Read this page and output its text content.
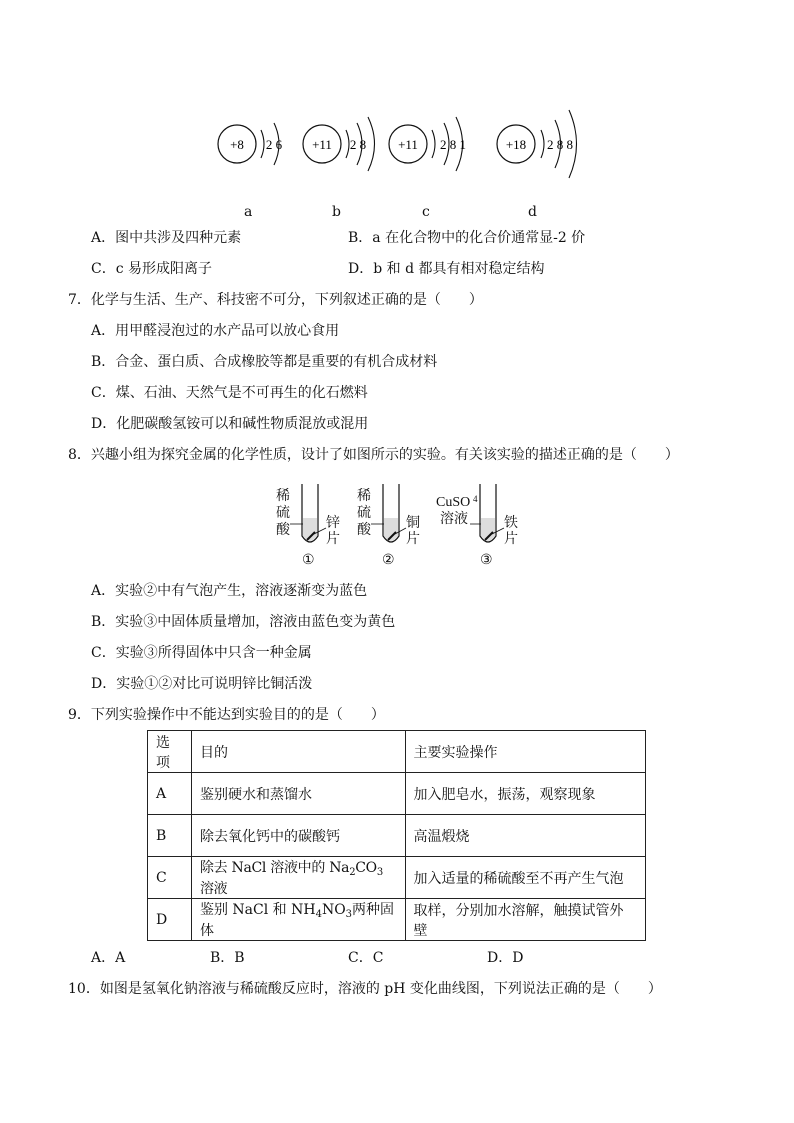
+8 2 6 +11 2 8 +11 2 8 1	+18 2 8 8
a	b	c	d
A．图中共涉及四种元素	B．a 在化合物中的化合价通常显-2 价
C．c 易形成阳离子	D．b 和 d 都具有相对稳定结构
7．化学与生活、生产、科技密不可分，下列叙述正确的是（　　）
A．用甲醛浸泡过的水产品可以放心食用
B．合金、蛋白质、合成橡胶等都是重要的有机合成材料
C．煤、石油、天然气是不可再生的化石燃料
D．化肥碳酸氢铵可以和碱性物质混放或混用
8．兴趣小组为探究金属的化学性质，设计了如图所示的实验。有关该实验的描述正确的是（　　）
稀
硫
酸	锌
片
①
稀
硫
酸	铜
片
②
CuSO 4
溶液	铁
片
③
A．实验②中有气泡产生，溶液逐渐变为蓝色
B．实验③中固体质量增加，溶液由蓝色变为黄色
C．实验③所得固体中只含一种金属
D．实验①②对比可说明锌比铜活泼
9．下列实验操作中不能达到实验目的的是（　　）
选项	目的	主要实验操作
A	鉴别硬水和蒸馏水	加入肥皂水，振荡，观察现象
B	除去氧化钙中的碳酸钙	高温煅烧
C	除去 NaCl 溶液中的 $Na_2CO_3$溶液	加入适量的稀硫酸至不再产生气泡
D	鉴别 NaCl 和 $NH_4NO_3$两种固体	取样，分别加水溶解，触摸试管外壁
A．A	B．B	C．C	D．D
10．如图是氢氧化钠溶液与稀硫酸反应时，溶液的 pH 变化曲线图，下列说法正确的是（　　）
